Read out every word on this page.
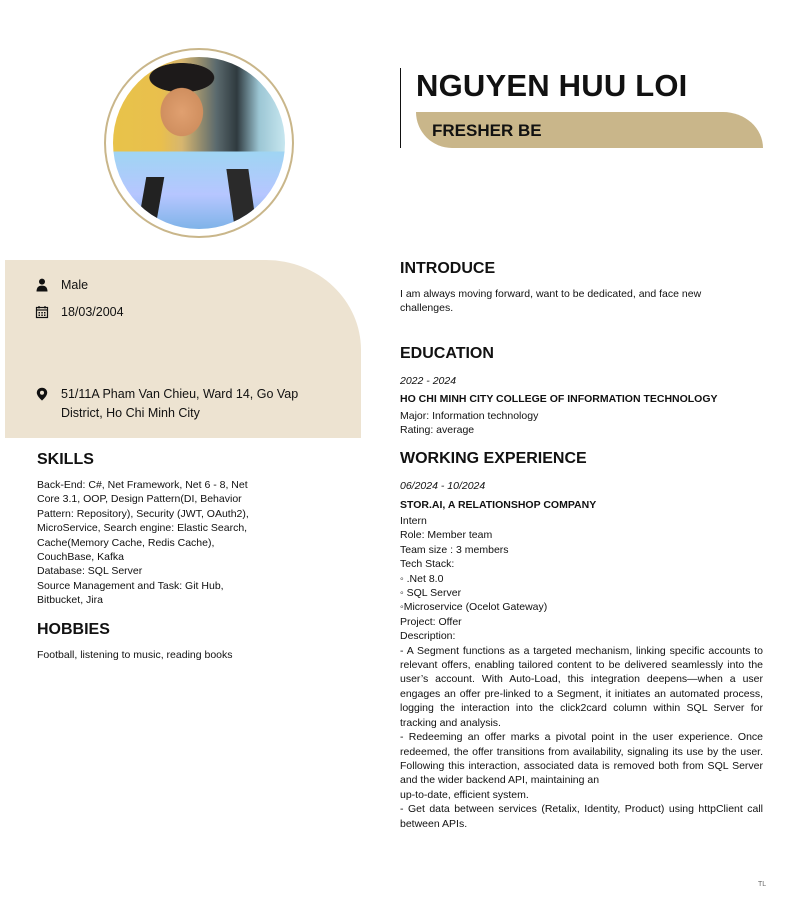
NGUYEN HUU LOI
FRESHER BE
Male
18/03/2004
51/11A Pham Van Chieu, Ward 14, Go Vap District, Ho Chi Minh City
SKILLS
Back-End: C#, Net Framework, Net 6 - 8, Net
Core 3.1, OOP, Design Pattern(DI, Behavior
Pattern: Repository), Security (JWT, OAuth2),
MicroService, Search engine: Elastic Search,
Cache(Memory Cache, Redis Cache),
CouchBase, Kafka
Database: SQL Server
Source Management and Task: Git Hub,
Bitbucket, Jira
HOBBIES
Football, listening to music, reading books
INTRODUCE
I am always moving forward, want to be dedicated, and face new
challenges.
EDUCATION
2022 - 2024
HO CHI MINH CITY COLLEGE OF INFORMATION TECHNOLOGY
Major: Information technology
Rating: average
WORKING EXPERIENCE
06/2024 - 10/2024
STOR.AI, A RELATIONSHOP COMPANY
Intern
Role: Member team
Team size : 3 members
Tech Stack:
◦ .Net 8.0
◦ SQL Server
◦Microservice (Ocelot Gateway)
Project: Offer
Description:
- A Segment functions as a targeted mechanism, linking specific accounts to relevant offers, enabling tailored content to be delivered seamlessly into the user’s account. With Auto-Load, this integration deepens—when a user engages an offer pre-linked to a Segment, it initiates an automated process, logging the interaction into the click2card column within SQL Server for tracking and analysis.
- Redeeming an offer marks a pivotal point in the user experience. Once redeemed, the offer transitions from availability, signaling its use by the user. Following this interaction, associated data is removed both from SQL Server and the wider backend API, maintaining an
up-to-date, efficient system.
- Get data between services (Retalix, Identity, Product) using httpClient call between APIs.
TL
